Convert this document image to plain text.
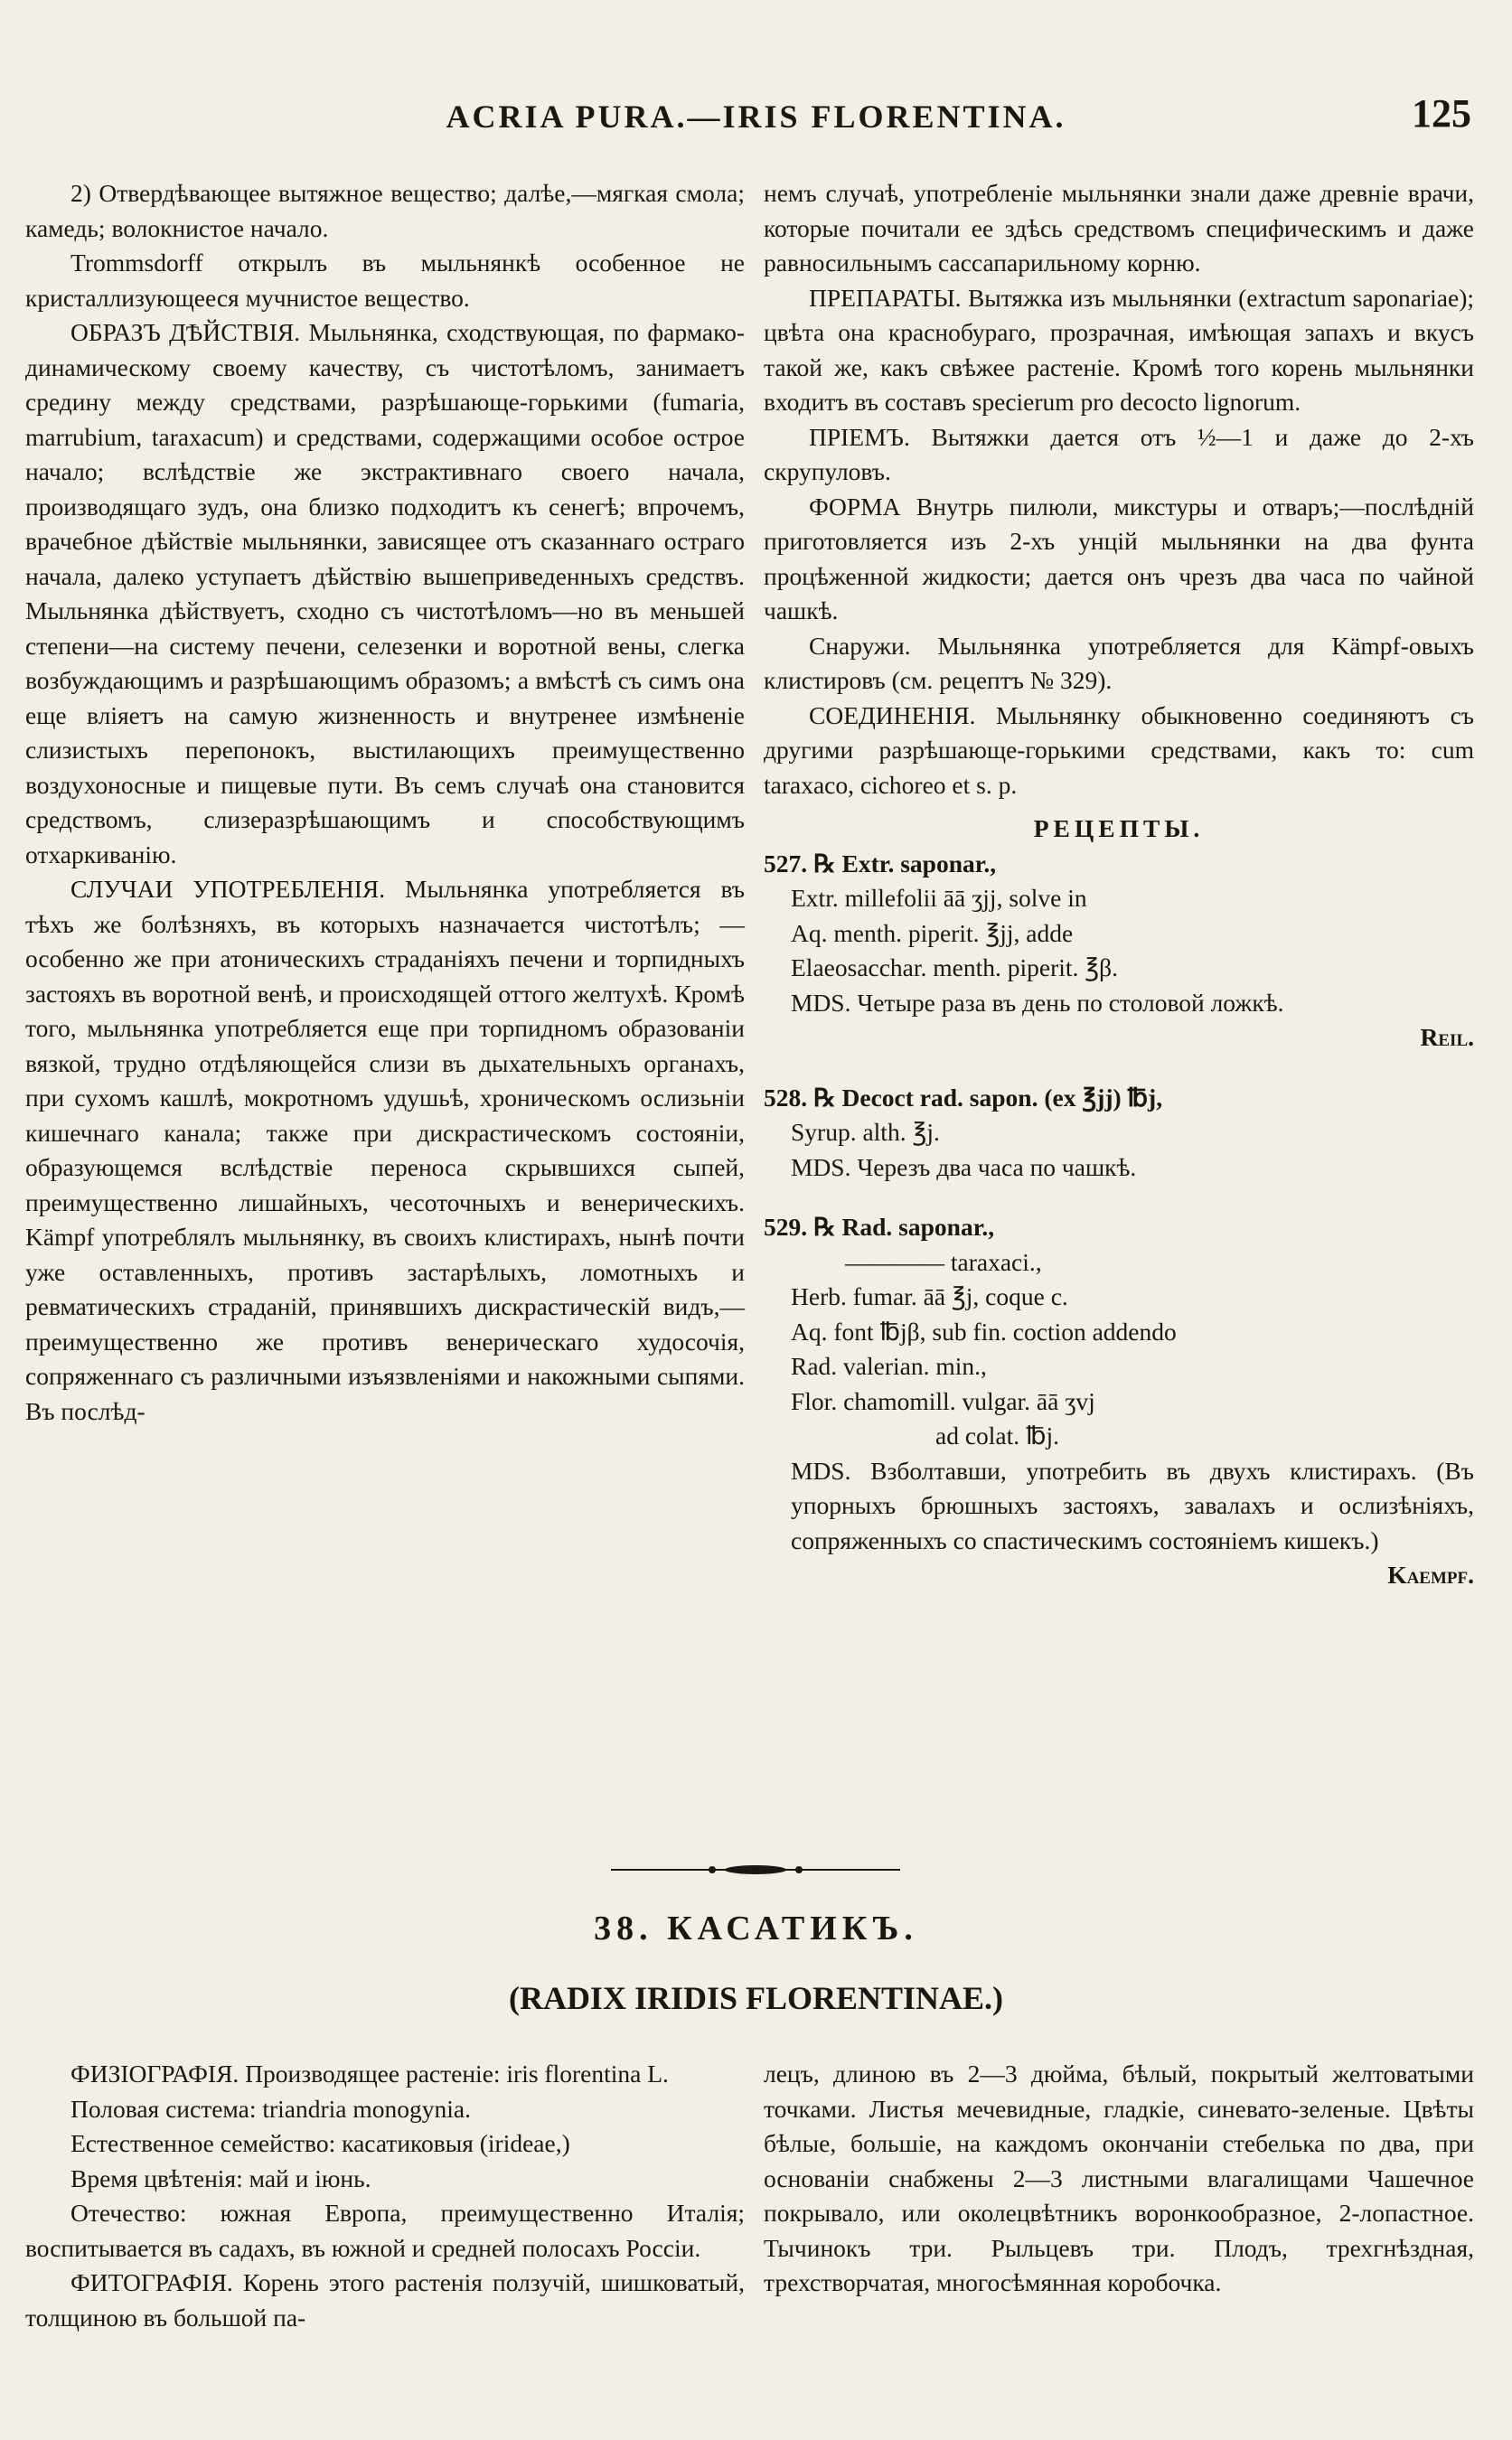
ACRIA PURA.—IRIS FLORENTINA.	125

2) Отвердѣвающее вытяжное вещество; далѣе,—мягкая смола; камедь; волокнистое начало.

Trommsdorff открылъ въ мыльнянкѣ особенное не кристаллизующееся мучнистое вещество.

ОБРАЗЪ ДѢЙСТВІЯ. Мыльнянка, сходствующая, по фармако-динамическому своему качеству, съ чистотѣломъ, занимаетъ средину между средствами, разрѣшающе-горькими (fumaria, marrubium, taraxacum) и средствами, содержащими особое острое начало; вслѣдствіе же экстрактивнаго своего начала, производящаго зудъ, она близко подходитъ къ сенегѣ; впрочемъ, врачебное дѣйствіе мыльнянки, зависящее отъ сказаннаго остраго начала, далеко уступаетъ дѣйствію вышеприведенныхъ средствъ. Мыльнянка дѣйствуетъ, сходно съ чистотѣломъ—но въ меньшей степени—на систему печени, селезенки и воротной вены, слегка возбуждающимъ и разрѣшающимъ образомъ; а вмѣстѣ съ симъ она еще вліяетъ на самую жизненность и внутренее измѣненіе слизистыхъ перепонокъ, выстилающихъ преимущественно воздухоносные и пищевые пути. Въ семъ случаѣ она становится средствомъ, слизеразрѣшающимъ и способствующимъ отхаркиванію.

СЛУЧАИ УПОТРЕБЛЕНІЯ. Мыльнянка употребляется въ тѣхъ же болѣзняхъ, въ которыхъ назначается чистотѣлъ; — особенно же при атоническихъ страданіяхъ печени и торпидныхъ застояхъ въ воротной венѣ, и происходящей оттого желтухѣ. Кромѣ того, мыльнянка употребляется еще при торпидномъ образованіи вязкой, трудно отдѣляющейся слизи въ дыхательныхъ органахъ, при сухомъ кашлѣ, мокротномъ удушьѣ, хроническомъ ослизьніи кишечнаго канала; также при дискрастическомъ состояніи, образующемся вслѣдствіе переноса скрывшихся сыпей, преимущественно лишайныхъ, чесоточныхъ и венерическихъ. Kämpf употреблялъ мыльнянку, въ своихъ клистирахъ, нынѣ почти уже оставленныхъ, противъ застарѣлыхъ, ломотныхъ и ревматическихъ страданій, принявшихъ дискрастическій видъ,—преимущественно же противъ венерическаго худосочія, сопряженнаго съ различными изъязвленіями и накожными сыпями. Въ послѣд-

немъ случаѣ, употребленіе мыльнянки знали даже древніе врачи, которые почитали ее здѣсь средствомъ специфическимъ и даже равносильнымъ сассапарильному корню.

ПРЕПАРАТЫ. Вытяжка изъ мыльнянки (extractum saponariae); цвѣта она краснобураго, прозрачная, имѣющая запахъ и вкусъ такой же, какъ свѣжее растеніе. Кромѣ того корень мыльнянки входитъ въ составъ specierum pro decocto lignorum.

ПРІЕМЪ. Вытяжки дается отъ ½—1 и даже до 2-хъ скрупуловъ.

ФОРМА Внутрь пилюли, микстуры и отваръ;—послѣдній приготовляется изъ 2-хъ унцій мыльнянки на два фунта процѣженной жидкости; дается онъ чрезъ два часа по чайной чашкѣ.

Снаружи. Мыльнянка употребляется для Kämpf-овыхъ клистировъ (см. рецептъ № 329).

СОЕДИНЕНІЯ. Мыльнянку обыкновенно соединяютъ съ другими разрѣшающе-горькими средствами, какъ то: cum taraxaco, cichoreo et s. p.

РЕЦЕПТЫ.

527. ℞ Extr. saponar.,

Extr. millefolii āā ʒjj, solve in

Aq. menth. piperit. ℥jj, adde

Elaeosacchar. menth. piperit. ℥β.

MDS. Четыре раза въ день по столовой ложкѣ.

Reil.

528. ℞ Decoct rad. sapon. (ex ℥jj) ℔j,

Syrup. alth. ℥j.

MDS. Черезъ два часа по чашкѣ.

529. ℞ Rad. saponar.,

———— taraxaci.,

Herb. fumar. āā ℥j, coque c.

Aq. font ℔jβ, sub fin. coction addendo

Rad. valerian. min.,

Flor. chamomill. vulgar. āā ʒvj

ad colat. ℔j.

MDS. Взболтавши, употребить въ двухъ клистирахъ. (Въ упорныхъ брюшныхъ застояхъ, завалахъ и ослизѣніяхъ, сопряженныхъ со спастическимъ состояніемъ кишекъ.)

Kaempf.

38. КАСАТИКЪ.
(RADIX IRIDIS FLORENTINAE.)

ФИЗІОГРАФІЯ. Производящее растеніе: iris florentina L.

Половая система: triandria monogynia.

Естественное семейство: касатиковыя (irideae,)

Время цвѣтенія: май и іюнь.

Отечество: южная Европа, преимущественно Италія; воспитывается въ садахъ, въ южной и средней полосахъ Россіи.

ФИТОГРАФІЯ. Корень этого растенія ползучій, шишковатый, толщиною въ большой па-

лецъ, длиною въ 2—3 дюйма, бѣлый, покрытый желтоватыми точками. Листья мечевидные, гладкіе, синевато-зеленые. Цвѣты бѣлые, большіе, на каждомъ окончаніи стебелька по два, при основаніи снабжены 2—3 листными влагалищами Чашечное покрывало, или околецвѣтникъ воронкообразное, 2-лопастное. Тычинокъ три. Рыльцевъ три. Плодъ, трехгнѣздная, трехстворчатая, многосѣмянная коробочка.
